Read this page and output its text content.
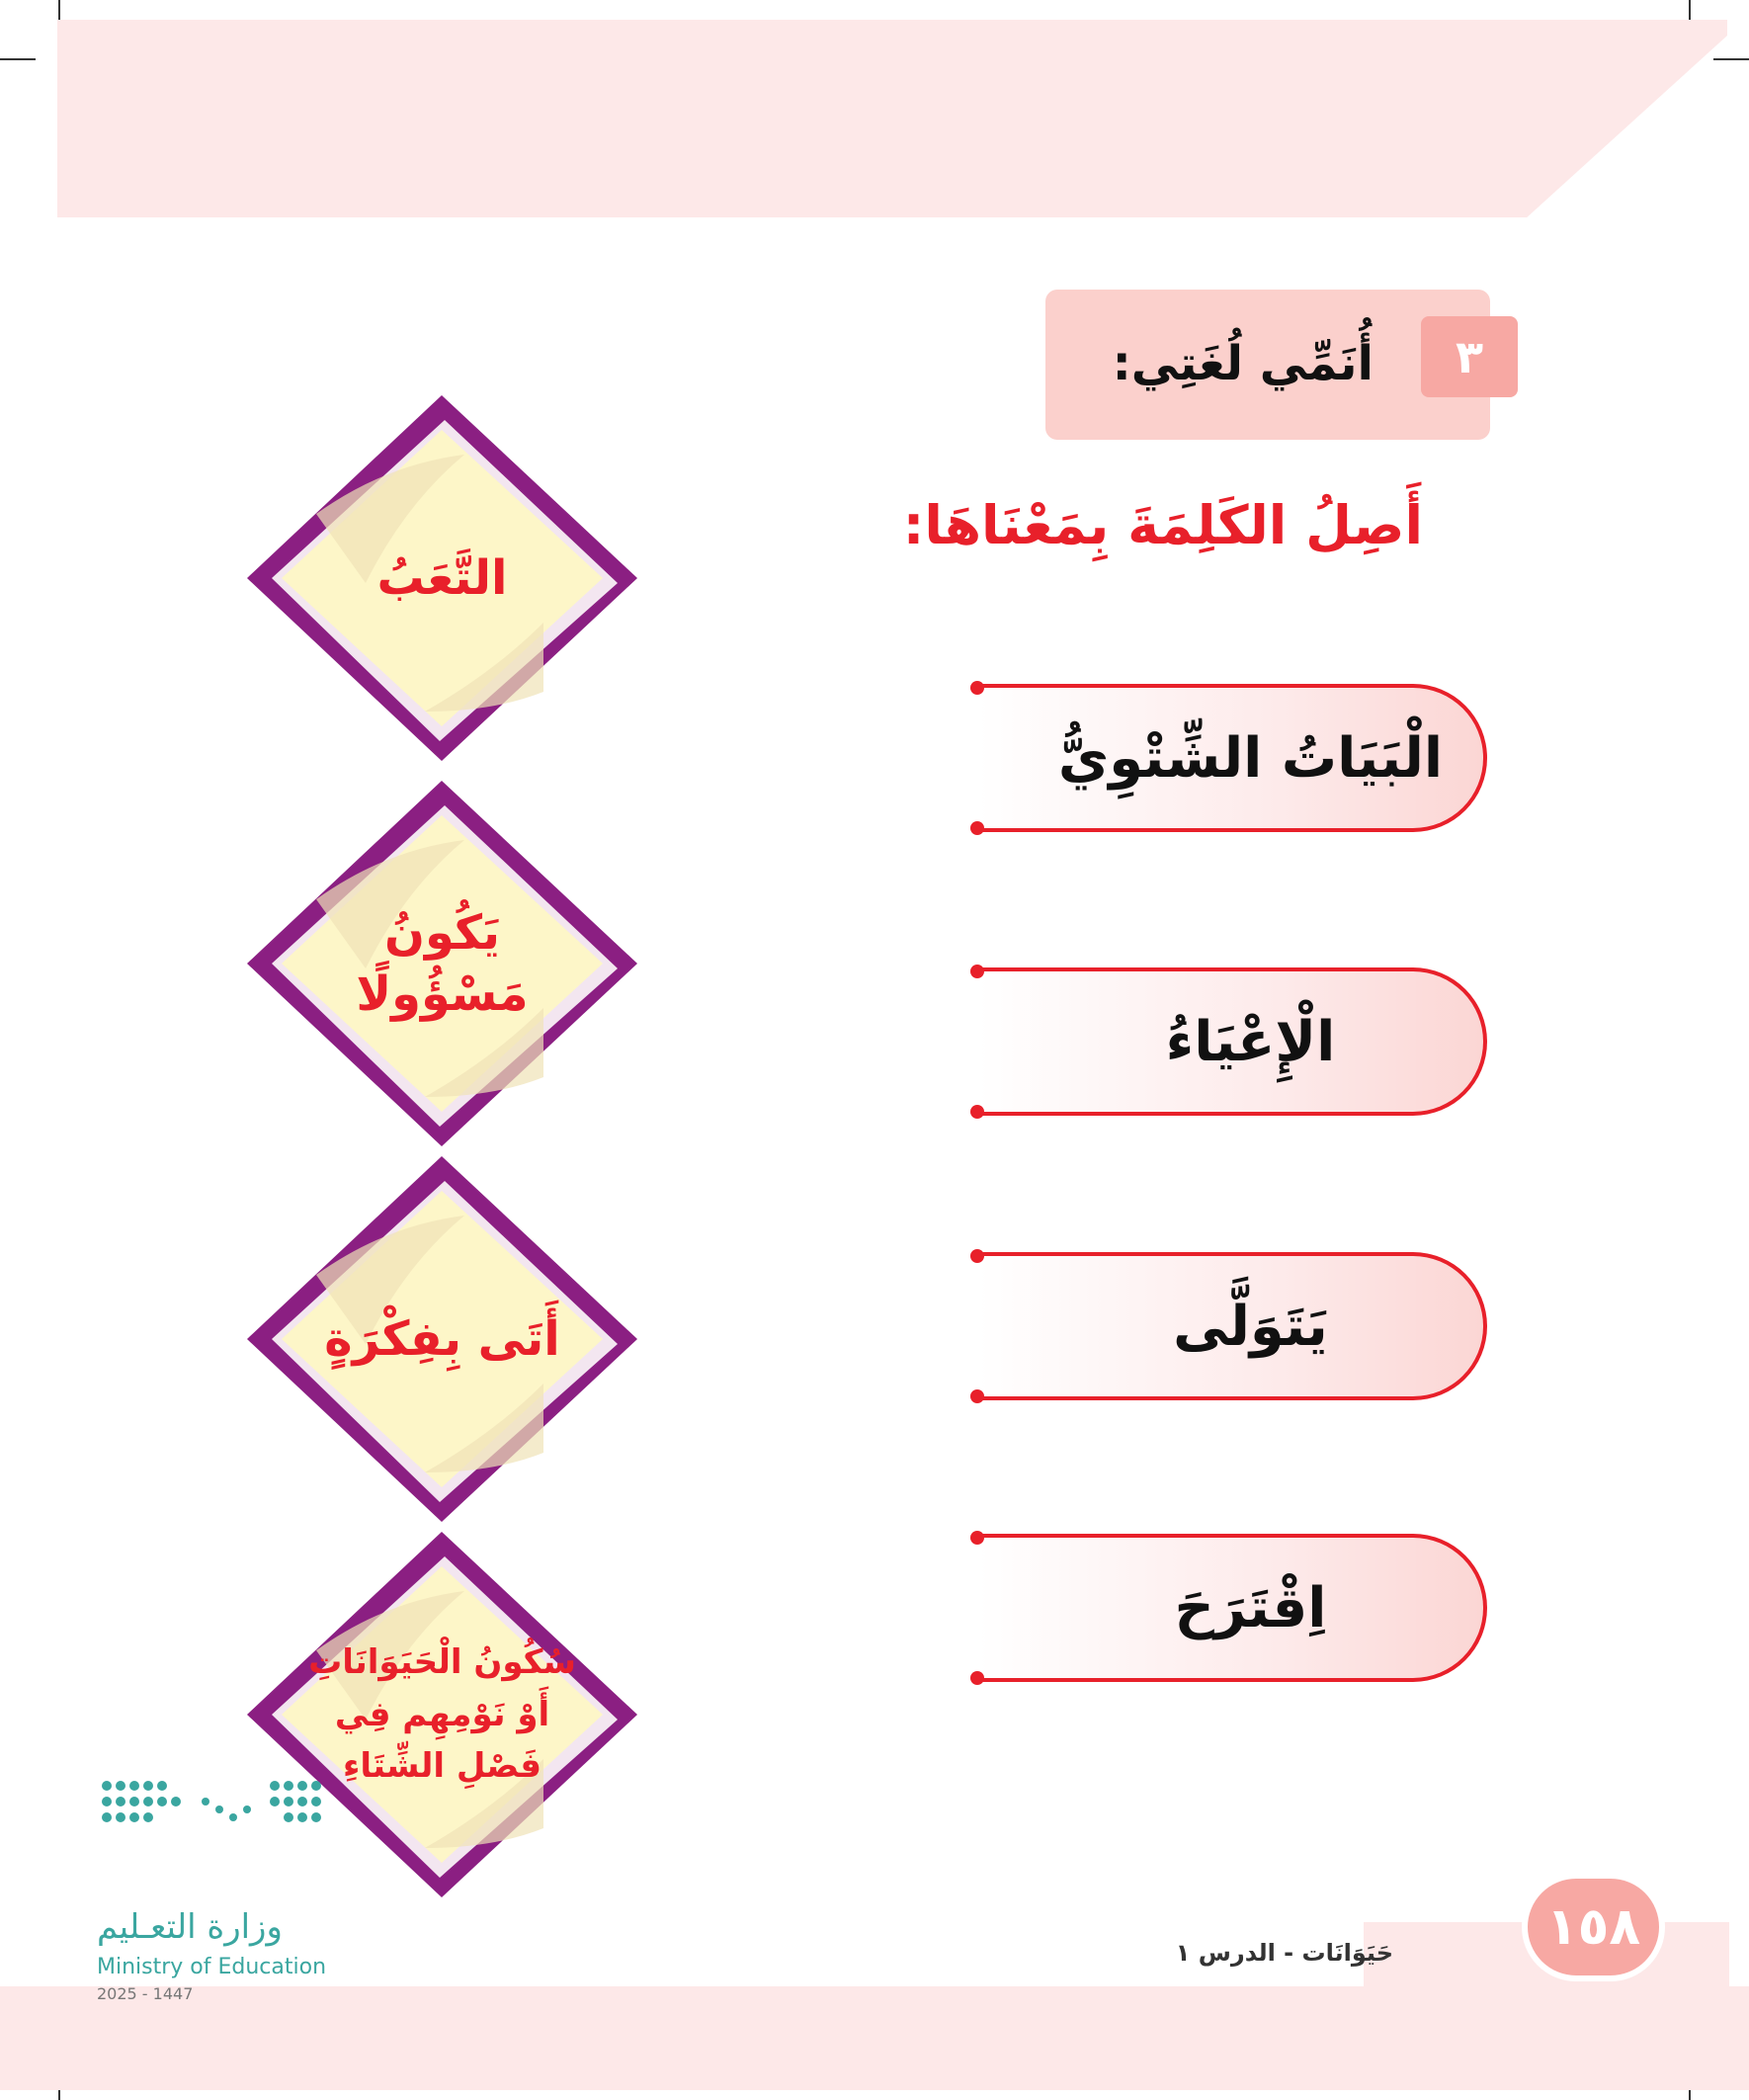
٣
أُنَمِّي لُغَتِي:
أَصِلُ الكَلِمَةَ بِمَعْنَاهَا:
الْبَيَاتُ الشِّتْوِيُّ
الْإِعْيَاءُ
يَتَوَلَّى
اِقْتَرَحَ
التَّعَبُ
يَكُونُ مَسْؤُولًا
أَتَى بِفِكْرَةٍ
سُكُونُ الْحَيَوَانَاتِ أَوْ نَوْمِهِم فِي فَصْلِ الشِّتَاءِ
١٥٨
حَيَوَانَات - الدرس ١
وزارة التعـليم
Ministry of Education
2025 - 1447
